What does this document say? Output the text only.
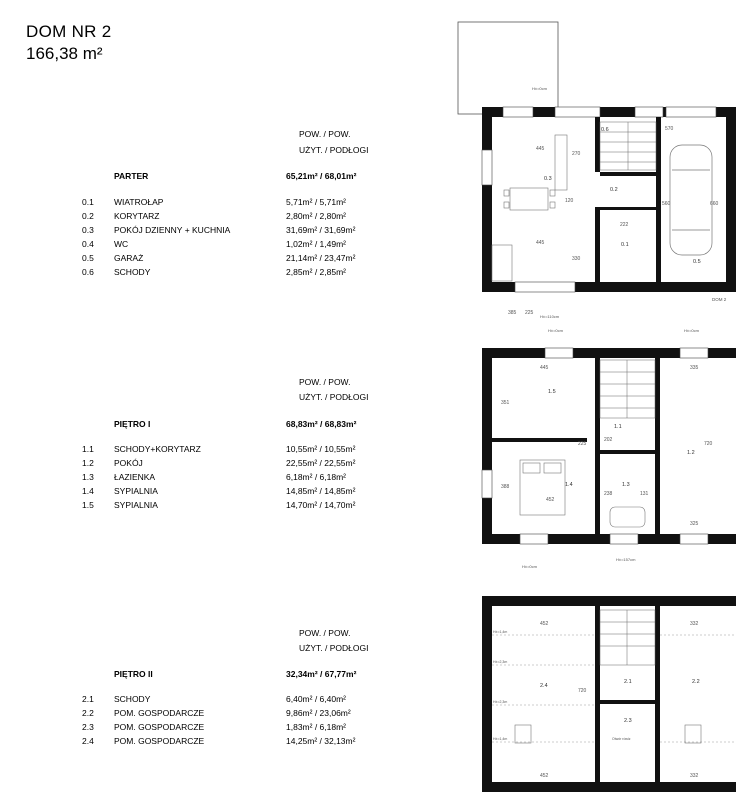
DOM NR 2
166,38 m²
POW. / POW.
UŻYT. / PODŁOGI
PARTER	65,21m² / 68,01m²
0.1 WIATROŁAP	5,71m² / 5,71m²
0.2 KORYTARZ	2,80m² / 2,80m²
0.3 POKÓJ DZIENNY + KUCHNIA	31,69m² / 31,69m²
0.4 WC	1,02m² / 1,49m²
0.5 GARAŻ	21,14m² / 23,47m²
0.6 SCHODY	2,85m² / 2,85m²
POW. / POW.
UŻYT. / PODŁOGI
PIĘTRO I	68,83m² / 68,83m²
1.1 SCHODY+KORYTARZ	10,55m² / 10,55m²
1.2 POKÓJ	22,55m² / 22,55m²
1.3 ŁAZIENKA	6,18m² / 6,18m²
1.4 SYPIALNIA	14,85m² / 14,85m²
1.5 SYPIALNIA	14,70m² / 14,70m²
POW. / POW.
UŻYT. / PODŁOGI
PIĘTRO II	32,34m² / 67,77m²
2.1 SCHODY	6,40m² / 6,40m²
2.2 POM. GOSPODARCZE	9,86m² / 23,06m²
2.3 POM. GOSPODARCZE	1,83m² / 6,18m²
2.4 POM. GOSPODARCZE	14,25m² / 32,13m²
445
445
270
330
570
560	660
120
222
385 225
0.3
0.2
0.1
0.5
0.6
H±=0cm
H±=110cm
DOM 2
445	335
325
452
720
351
388
202
238	131
225
1.5
1.1
1.2
1.4	1.3
H±=0cm	H±=0cm
H±=157cm
H±=0cm
452	332
720
452	332
2.4
2.1	2.2
2.3
H±=1,4m
H±=2,3m
H±=2,3m
H±=1,4m	Otwór rówiz
